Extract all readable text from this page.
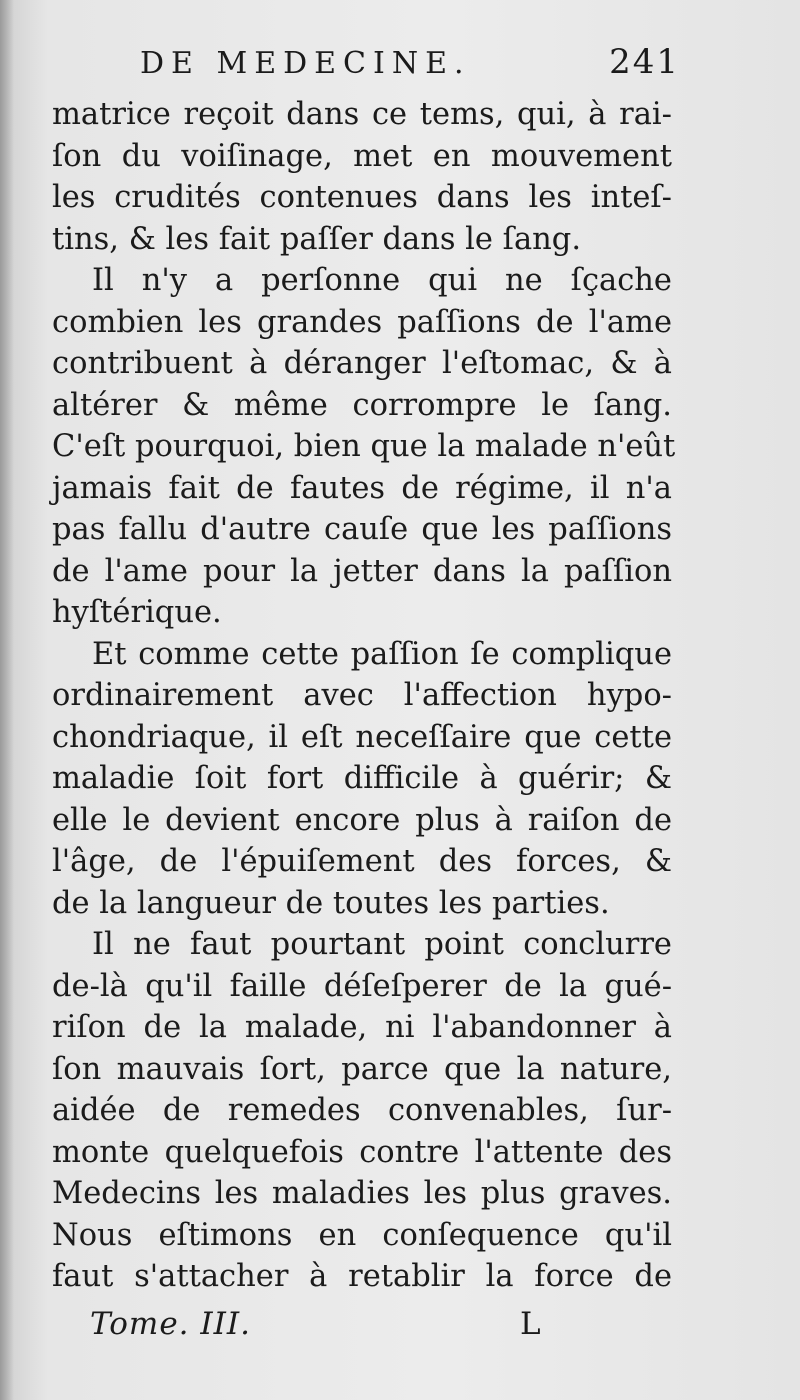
DE MEDECINE.	241
matrice reçoit dans ce tems, qui, à rai-
ſon du voiſinage, met en mouvement
les crudités contenues dans les inteſ-
tins, & les fait paſſer dans le ſang.
Il n'y a perſonne qui ne ſçache
combien les grandes paſſions de l'ame
contribuent à déranger l'eſtomac, & à
altérer & même corrompre le ſang.
C'eſt pourquoi, bien que la malade n'eût
jamais fait de fautes de régime, il n'a
pas fallu d'autre cauſe que les paſſions
de l'ame pour la jetter dans la paſſion
hyſtérique.
Et comme cette paſſion ſe complique
ordinairement avec l'affection hypo-
chondriaque, il eſt neceſſaire que cette
maladie ſoit fort difficile à guérir; &
elle le devient encore plus à raiſon de
l'âge, de l'épuiſement des forces, &
de la langueur de toutes les parties.
Il ne faut pourtant point conclurre
de-là qu'il faille déſeſperer de la gué-
riſon de la malade, ni l'abandonner à
ſon mauvais ſort, parce que la nature,
aidée de remedes convenables, ſur-
monte quelquefois contre l'attente des
Medecins les maladies les plus graves.
Nous eſtimons en conſequence qu'il
faut s'attacher à retablir la force de
Tome. III.	L
